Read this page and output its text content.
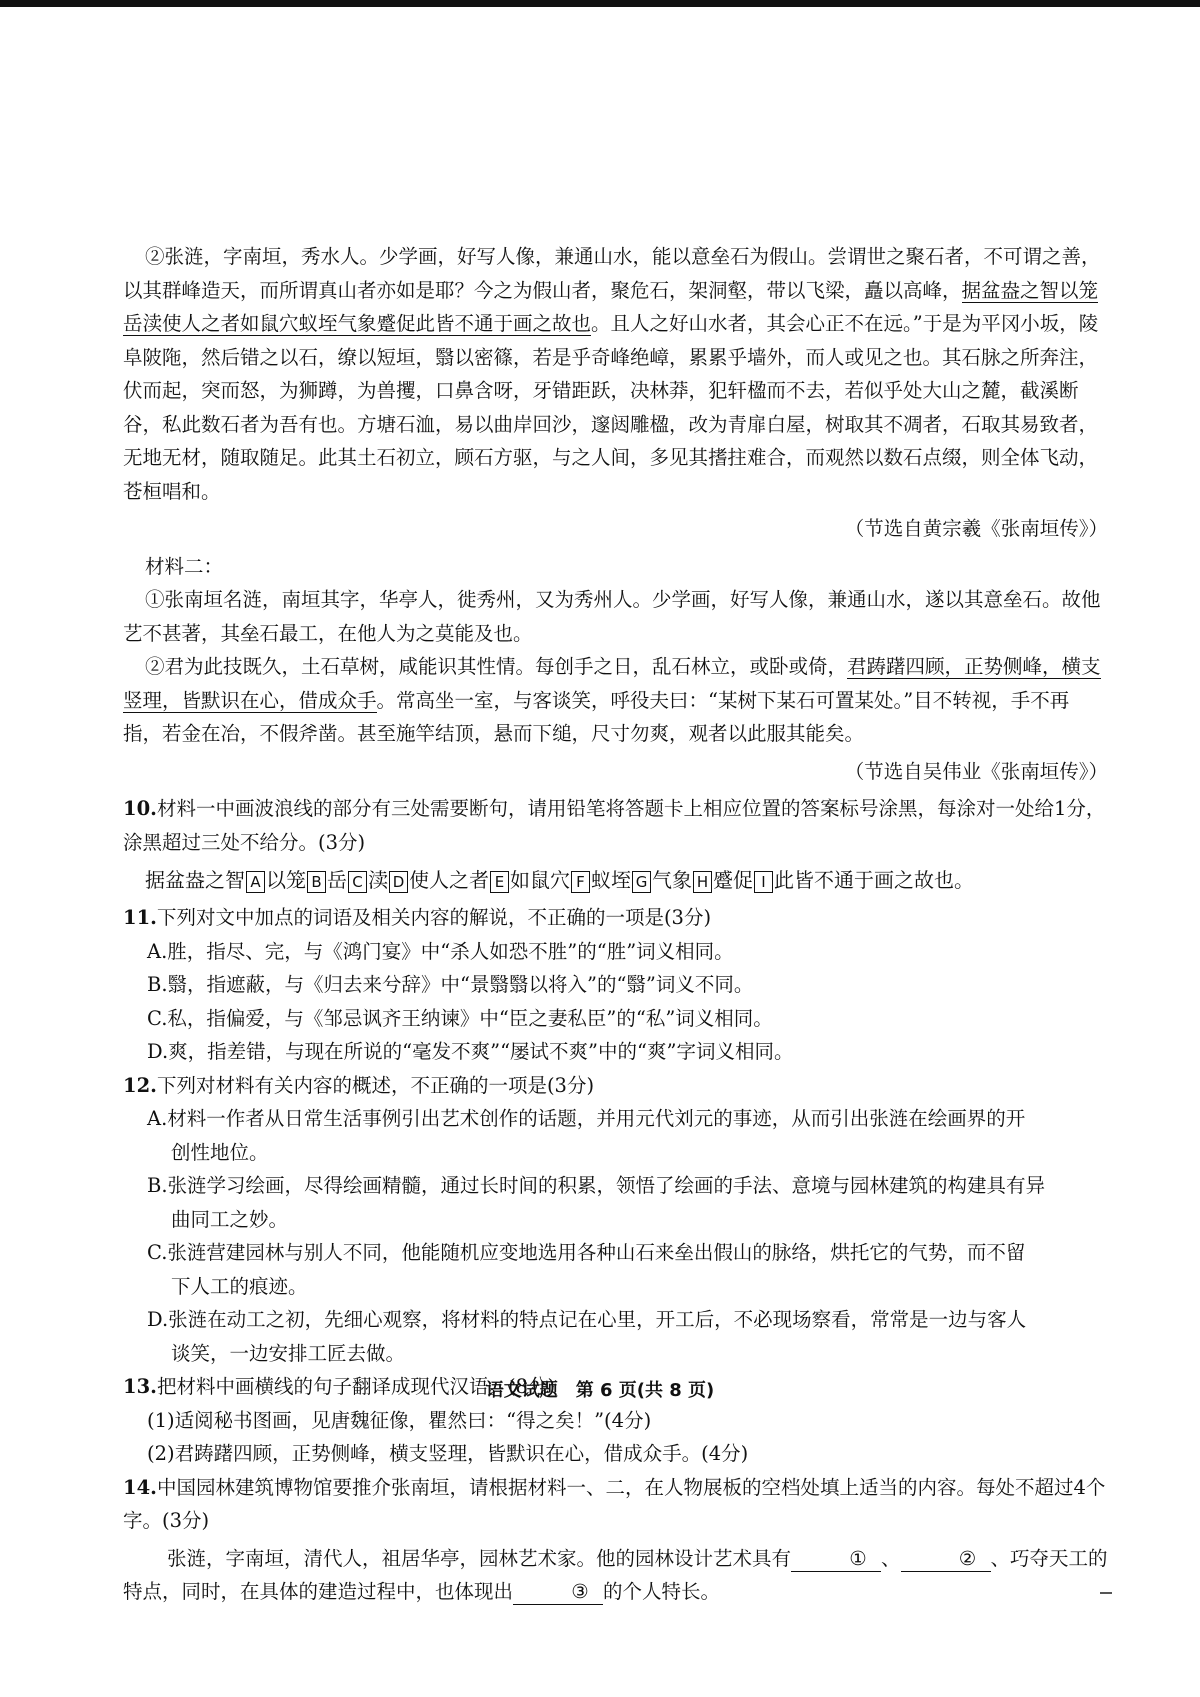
②张涟，字南垣，秀水人。少学画，好写人像，兼通山水，能以意垒石为假山。尝谓世之聚石者，不可谓之善，以其群峰造天，而所谓真山者亦如是耶？今之为假山者，聚危石，架洞壑，带以飞梁，矗以高峰，据盆盎之智以笼岳渎使人之者如鼠穴蚁垤气象蹙促此皆不通于画之故也。且人之好山水者，其会心正不在远。”于是为平冈小坂，陵阜陂陁，然后错之以石，缭以短垣，翳以密篠，若是乎奇峰绝嶂，累累乎墙外，而人或见之也。其石脉之所奔注，伏而起，突而怒，为狮蹲，为兽攫，口鼻含呀，牙错距跃，决林莽，犯轩楹而不去，若似乎处大山之麓，截溪断谷，私此数石者为吾有也。方塘石洫，易以曲岸回沙，邃闼雕楹，改为青扉白屋，树取其不凋者，石取其易致者，无地无材，随取随足。此其土石初立，顾石方驱，与之人间，多见其搘拄难合，而观然以数石点缀，则全体飞动，苍桓唱和。

（节选自黄宗羲《张南垣传》）

材料二：

①张南垣名涟，南垣其字，华亭人，徙秀州，又为秀州人。少学画，好写人像，兼通山水，遂以其意垒石。故他艺不甚著，其垒石最工，在他人为之莫能及也。

②君为此技既久，土石草树，咸能识其性情。每创手之日，乱石林立，或卧或倚，君踌躇四顾，正势侧峰，横支竖理，皆默识在心，借成众手。常高坐一室，与客谈笑，呼役夫曰：“某树下某石可置某处。”目不转视，手不再指，若金在冶，不假斧凿。甚至施竿结顶，悬而下缒，尺寸勿爽，观者以此服其能矣。

（节选自吴伟业《张南垣传》）

10.材料一中画波浪线的部分有三处需要断句，请用铅笔将答题卡上相应位置的答案标号涂黑，每涂对一处给1分，涂黑超过三处不给分。(3分)

据盆盎之智 A 以笼 B 岳 C 渎 D 使人之者 E 如鼠穴 F 蚁垤 G 气象 H 蹙促 I 此皆不通于画之故也。

11.下列对文中加点的词语及相关内容的解说，不正确的一项是(3分)

A.胜，指尽、完，与《鸿门宴》中“杀人如恐不胜”的“胜”词义相同。

B.翳，指遮蔽，与《归去来兮辞》中“景翳翳以将入”的“翳”词义不同。

C.私，指偏爱，与《邹忌讽齐王纳谏》中“臣之妻私臣”的“私”词义相同。

D.爽，指差错，与现在所说的“毫发不爽”“屡试不爽”中的“爽”字词义相同。

12.下列对材料有关内容的概述，不正确的一项是(3分)

A.材料一作者从日常生活事例引出艺术创作的话题，并用元代刘元的事迹，从而引出张涟在绘画界的开

创性地位。

B.张涟学习绘画，尽得绘画精髓，通过长时间的积累，领悟了绘画的手法、意境与园林建筑的构建具有异

曲同工之妙。

C.张涟营建园林与别人不同，他能随机应变地选用各种山石来垒出假山的脉络，烘托它的气势，而不留

下人工的痕迹。

D.张涟在动工之初，先细心观察，将材料的特点记在心里，开工后，不必现场察看，常常是一边与客人

谈笑，一边安排工匠去做。

13.把材料中画横线的句子翻译成现代汉语。(8分)

(1)适阅秘书图画，见唐魏征像，瞿然曰：“得之矣！”(4分)

(2)君踌躇四顾，正势侧峰，横支竖理，皆默识在心，借成众手。(4分)

14.中国园林建筑博物馆要推介张南垣，请根据材料一、二，在人物展板的空档处填上适当的内容。每处不超过4个字。(3分)

张涟，字南垣，清代人，祖居华亭，园林艺术家。他的园林设计艺术具有	① 、	② 、巧夺天工的特点，同时，在具体的建造过程中，也体现出	③ 的个人特长。

语文试题　第 6 页(共 8 页)
